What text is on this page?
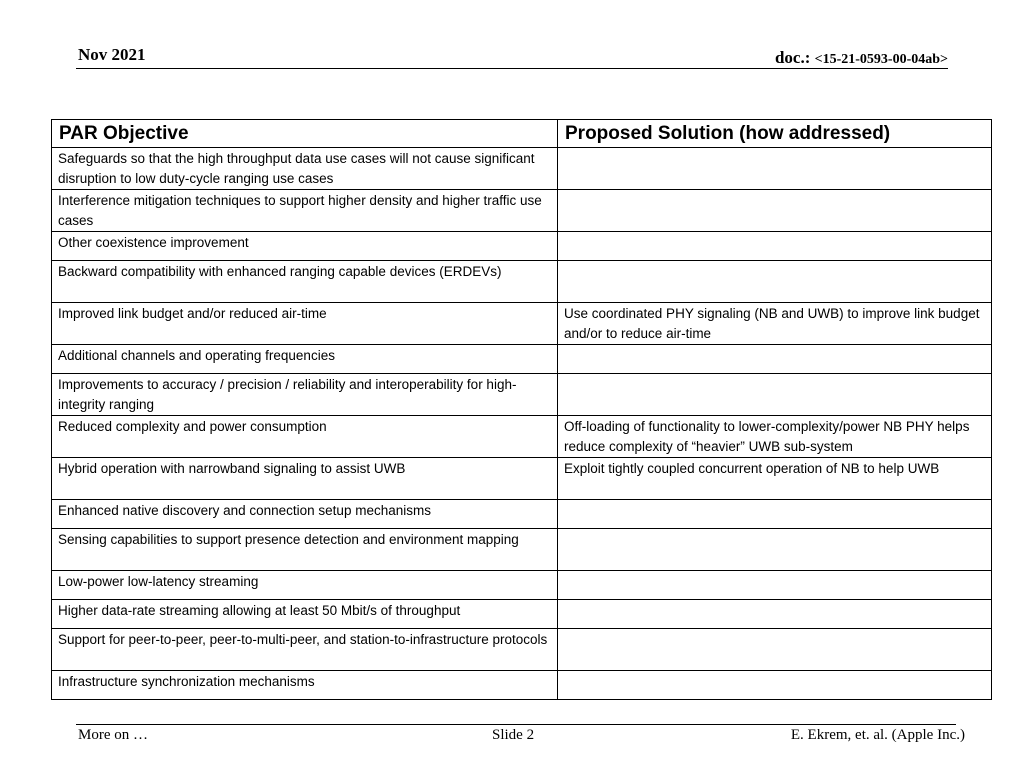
Nov 2021	doc.: <15-21-0593-00-04ab>
PAR Objective	Proposed Solution (how addressed)
Safeguards so that the high throughput data use cases will not cause significant disruption to low duty-cycle ranging use cases	
Interference mitigation techniques to support higher density and higher traffic use cases	
Other coexistence improvement	
Backward compatibility with enhanced ranging capable devices (ERDEVs)	
Improved link budget and/or reduced air-time	Use coordinated PHY signaling (NB and UWB) to improve link budget and/or to reduce air-time
Additional channels and operating frequencies	
Improvements to accuracy / precision / reliability and interoperability for high-integrity ranging	
Reduced complexity and power consumption	Off-loading of functionality to lower-complexity/power NB PHY helps reduce complexity of “heavier” UWB sub-system
Hybrid operation with narrowband signaling to assist UWB	Exploit tightly coupled concurrent operation of NB to help UWB
Enhanced native discovery and connection setup mechanisms	
Sensing capabilities to support presence detection and environment mapping	
Low-power low-latency streaming	
Higher data-rate streaming allowing at least 50 Mbit/s of throughput	
Support for peer-to-peer, peer-to-multi-peer, and station-to-infrastructure protocols	
Infrastructure synchronization mechanisms	
More on …	Slide 2	E. Ekrem, et. al. (Apple Inc.)
